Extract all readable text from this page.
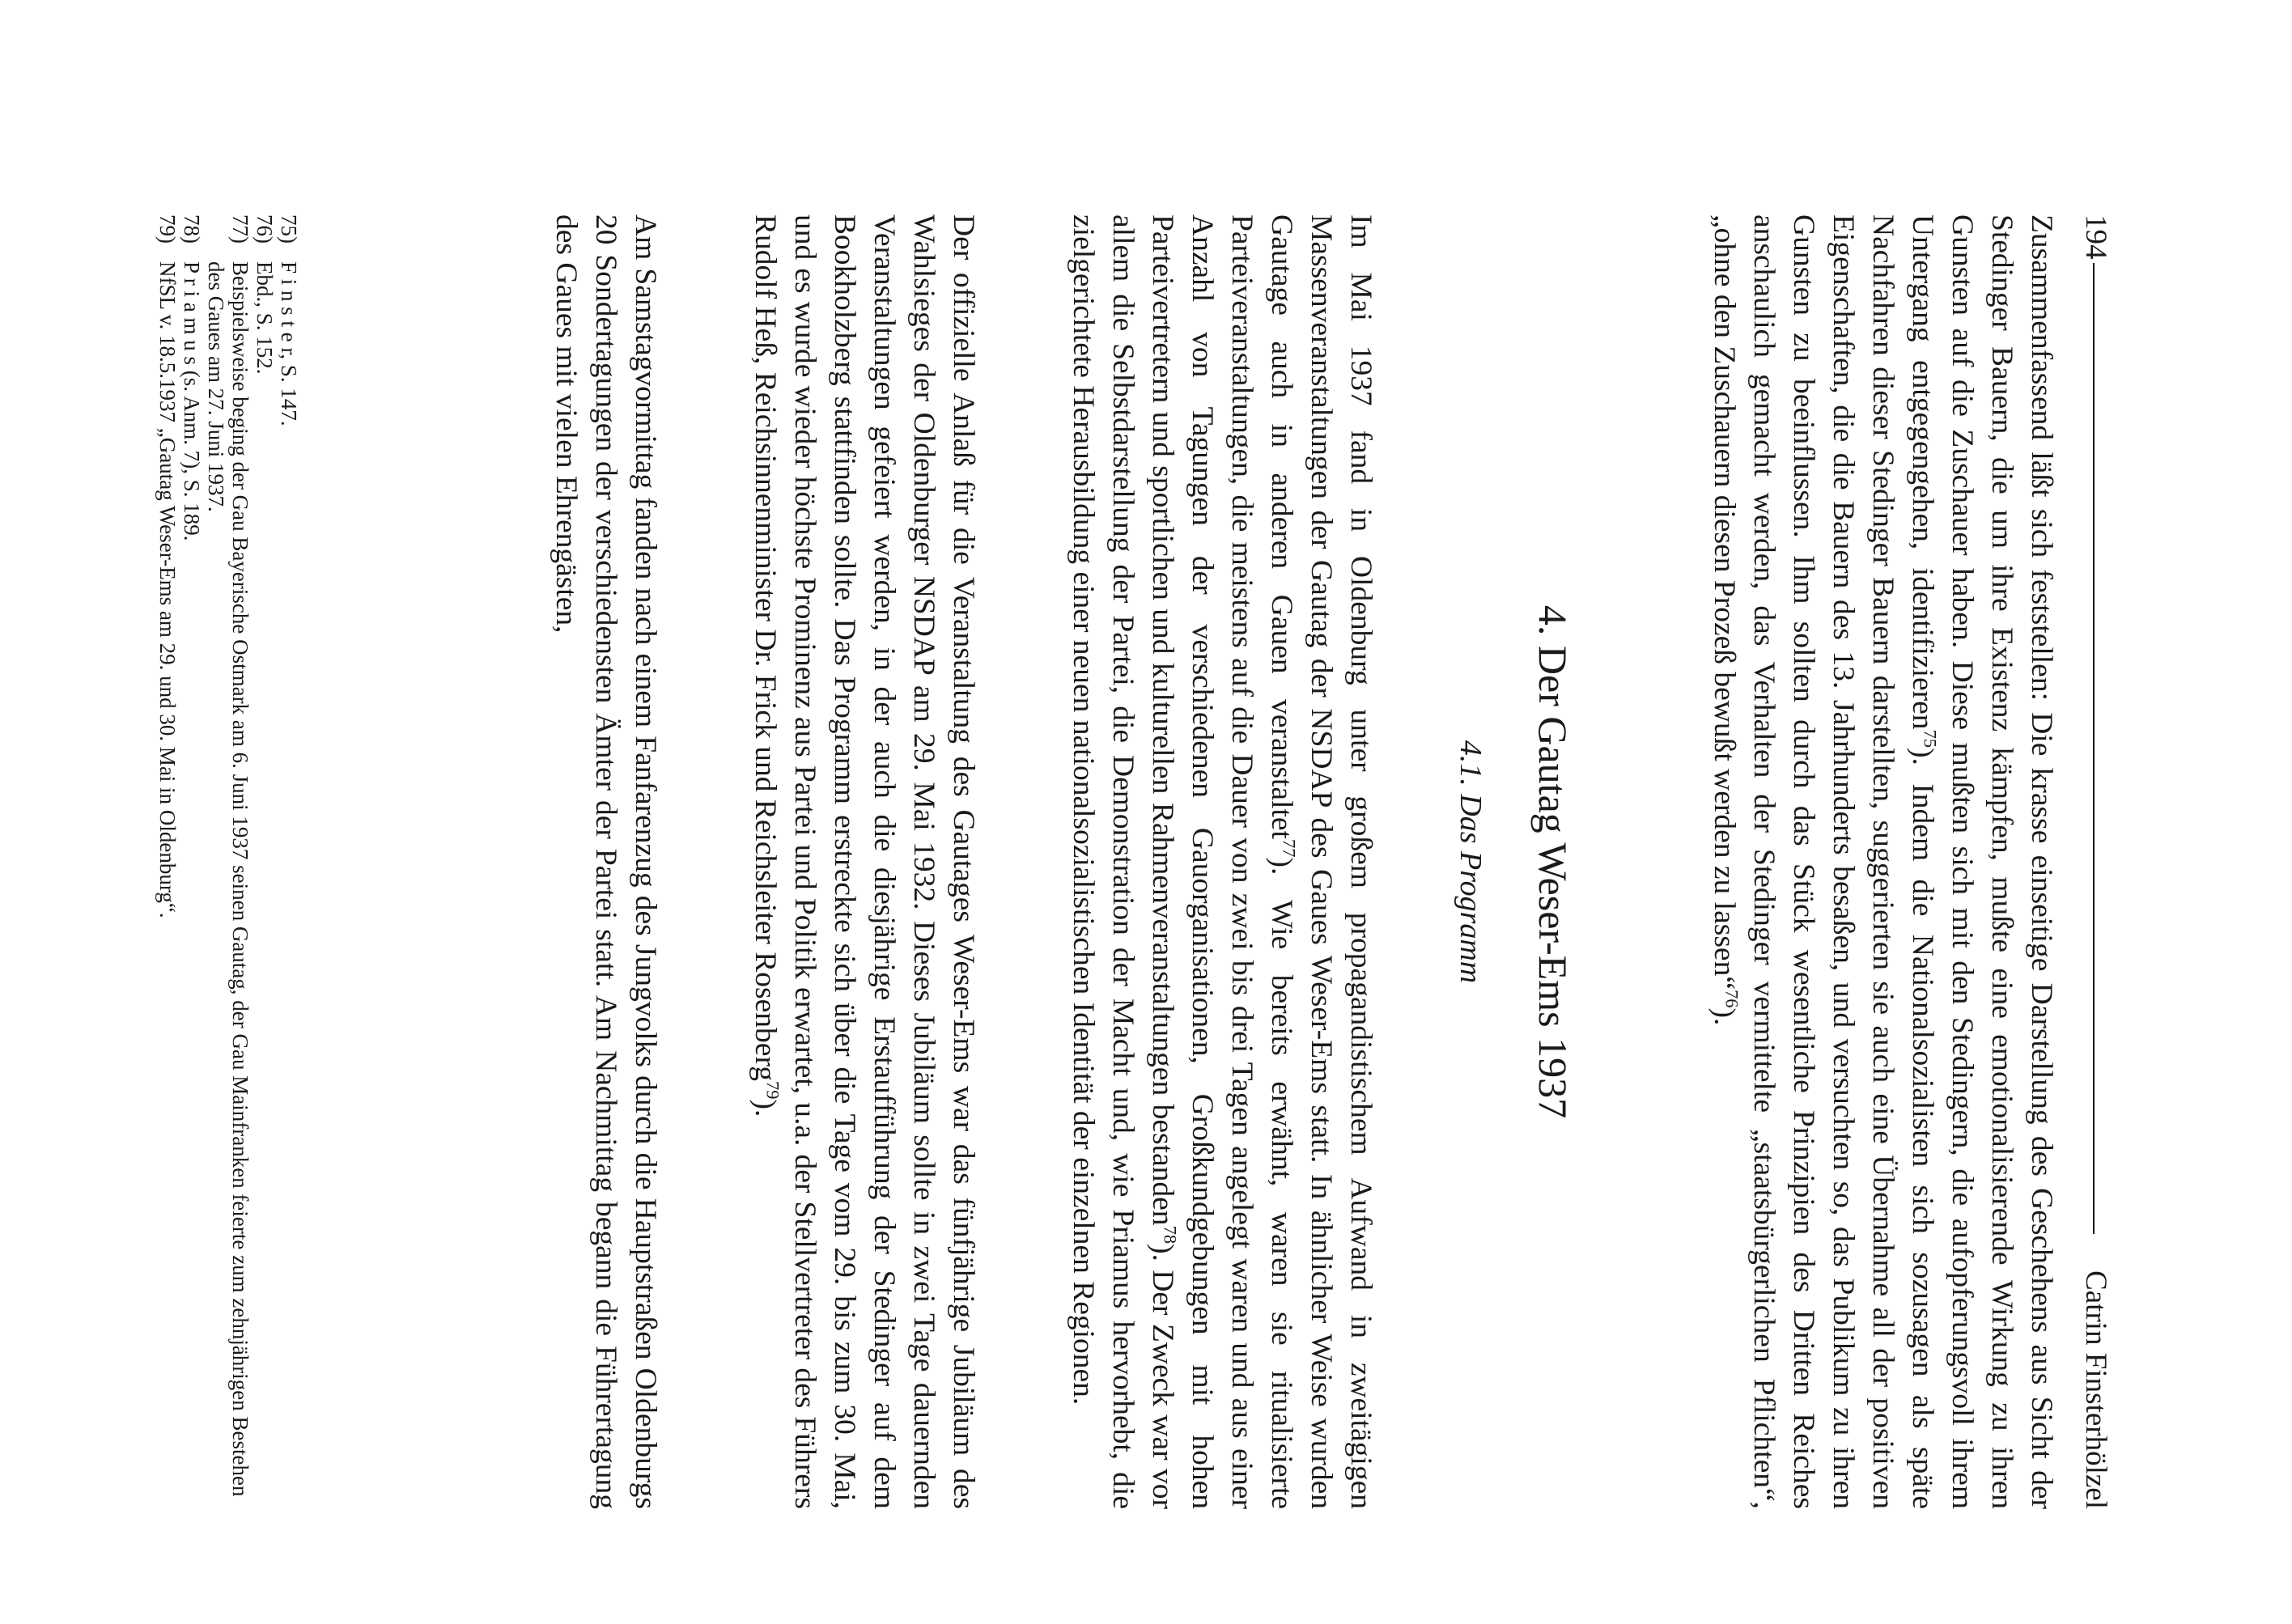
194
Catrin Finsterhölzel

Zusammenfassend läßt sich feststellen: Die krasse einseitige Darstellung des Geschehens aus Sicht der Stedinger Bauern, die um ihre Existenz kämpfen, mußte eine emotionalisierende Wirkung zu ihren Gunsten auf die Zuschauer haben. Diese mußten sich mit den Stedingern, die aufopferungsvoll ihrem Untergang entgegengehen, identifizieren$^{75}$). Indem die Nationalsozialisten sich sozusagen als späte Nachfahren dieser Stedinger Bauern darstellten, suggerierten sie auch eine Übernahme all der positiven Eigenschaften, die die Bauern des 13. Jahrhunderts besaßen, und versuchten so, das Publikum zu ihren Gunsten zu beeinflussen. Ihm sollten durch das Stück wesentliche Prinzipien des Dritten Reiches anschaulich gemacht werden, das Verhalten der Stedinger vermittelte „staatsbürgerlichen Pflichten“, „ohne den Zuschauern diesen Prozeß bewußt werden zu lassen“$^{76}$).

4. Der Gautag Weser-Ems 1937
4.1. Das Programm

Im Mai 1937 fand in Oldenburg unter großem propagandistischem Aufwand in zweitägigen Massenveranstaltungen der Gautag der NSDAP des Gaues Weser-Ems statt. In ähnlicher Weise wurden Gautage auch in anderen Gauen veranstaltet$^{77}$). Wie bereits erwähnt, waren sie ritualisierte Parteiveranstaltungen, die meistens auf die Dauer von zwei bis drei Tagen angelegt waren und aus einer Anzahl von Tagungen der verschiedenen Gauorganisationen, Großkundgebungen mit hohen Parteivertretern und sportlichen und kulturellen Rahmenveranstaltungen bestanden$^{78}$). Der Zweck war vor allem die Selbstdarstellung der Partei, die Demonstration der Macht und, wie Priamus hervorhebt, die zielgerichtete Herausbildung einer neuen nationalsozialistischen Identität der einzelnen Regionen.

Der offizielle Anlaß für die Veranstaltung des Gautages Weser-Ems war das fünfjährige Jubiläum des Wahlsieges der Oldenburger NSDAP am 29. Mai 1932. Dieses Jubiläum sollte in zwei Tage dauernden Veranstaltungen gefeiert werden, in der auch die diesjährige Erstaufführung der Stedinger auf dem Bookholzberg stattfinden sollte. Das Programm erstreckte sich über die Tage vom 29. bis zum 30. Mai, und es wurde wieder höchste Prominenz aus Partei und Politik erwartet, u.a. der Stellvertreter des Führers Rudolf Heß, Reichsinnenminister Dr. Frick und Reichsleiter Rosenberg$^{79}$).

Am Samstagvormittag fanden nach einem Fanfarenzug des Jungvolks durch die Hauptstraßen Oldenburgs 20 Sondertagungen der verschiedensten Ämter der Partei statt. Am Nachmittag begann die Führertagung des Gaues mit vielen Ehrengästen,

75)
F i n s t e r, S. 147.
76)
Ebd., S. 152.
77)
Beispielsweise beging der Gau Bayerische Ostmark am 6. Juni 1937 seinen Gautag, der Gau Mainfranken feierte zum zehnjährigen Bestehen des Gaues am 27. Juni 1937.
78)
P r i a m u s (s. Anm. 7), S. 189.
79)
NfSL v. 18.5.1937 „Gautag Weser-Ems am 29. und 30. Mai in Oldenburg“.
